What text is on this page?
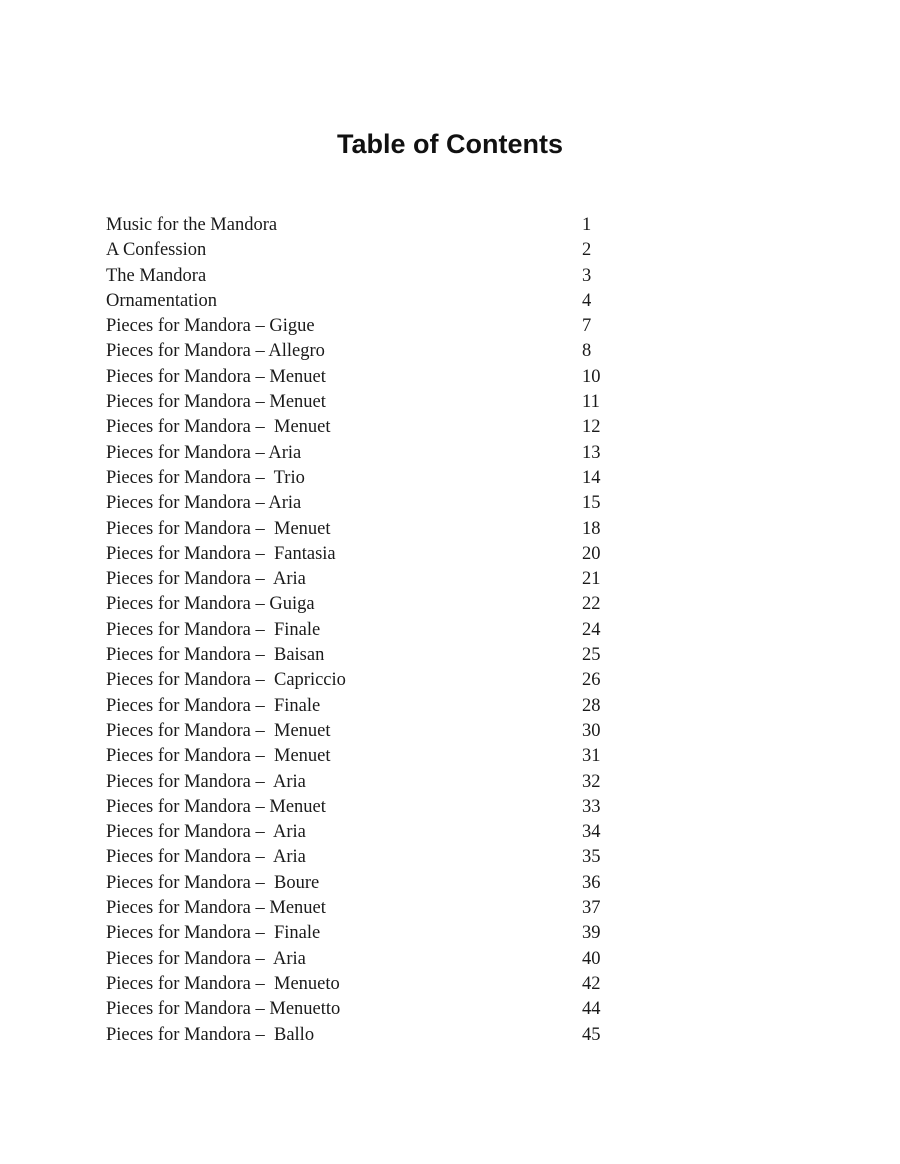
Table of Contents
Music for the Mandora	1
A Confession	2
The Mandora	3
Ornamentation	4
Pieces for Mandora – Gigue	7
Pieces for Mandora – Allegro	8
Pieces for Mandora – Menuet	10
Pieces for Mandora – Menuet	11
Pieces for Mandora –  Menuet	12
Pieces for Mandora – Aria	13
Pieces for Mandora –  Trio	14
Pieces for Mandora – Aria	15
Pieces for Mandora –  Menuet	18
Pieces for Mandora –  Fantasia	20
Pieces for Mandora –  Aria	21
Pieces for Mandora – Guiga	22
Pieces for Mandora –  Finale	24
Pieces for Mandora –  Baisan	25
Pieces for Mandora –  Capriccio	26
Pieces for Mandora –  Finale	28
Pieces for Mandora –  Menuet	30
Pieces for Mandora –  Menuet	31
Pieces for Mandora –  Aria	32
Pieces for Mandora – Menuet	33
Pieces for Mandora –  Aria	34
Pieces for Mandora –  Aria	35
Pieces for Mandora –  Boure	36
Pieces for Mandora – Menuet	37
Pieces for Mandora –  Finale	39
Pieces for Mandora –  Aria	40
Pieces for Mandora –  Menueto	42
Pieces for Mandora – Menuetto	44
Pieces for Mandora –  Ballo	45
